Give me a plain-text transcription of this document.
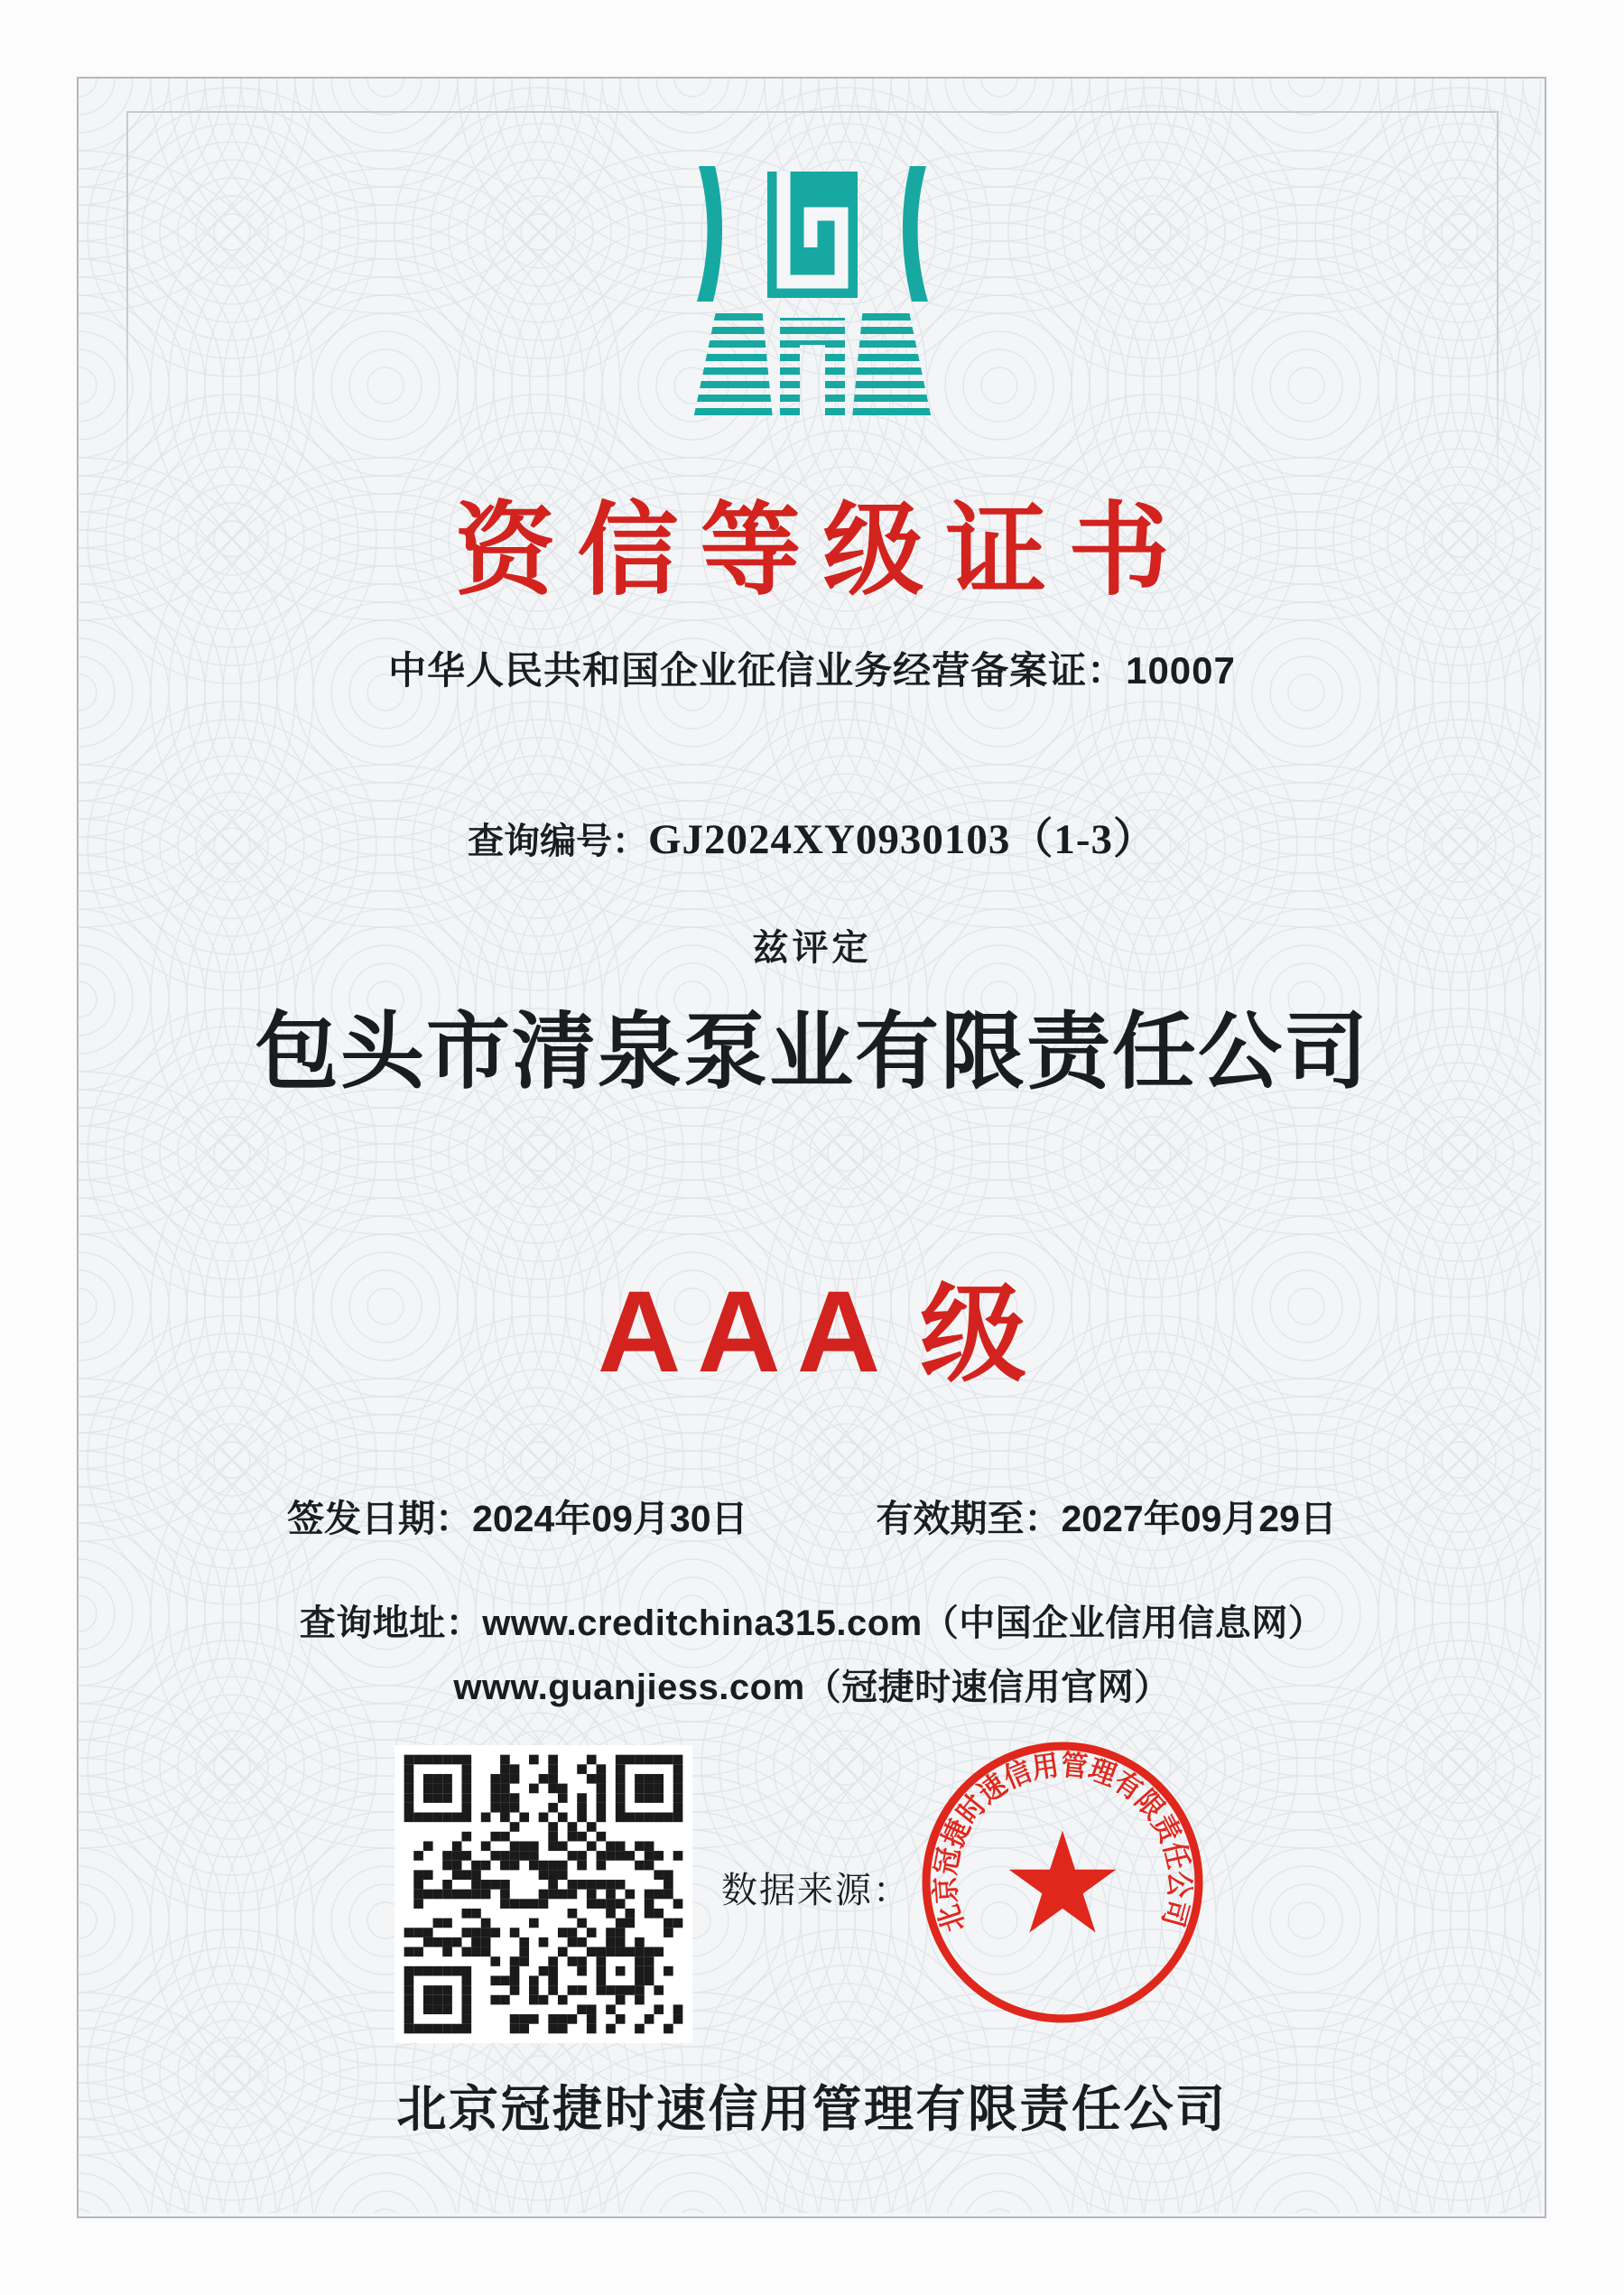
资信等级证书
中华人民共和国企业征信业务经营备案证：10007
查询编号：GJ2024XY0930103（1-3）
兹评定
包头市清泉泵业有限责任公司
AAA 级
签发日期：2024年09月30日	有效期至：2027年09月29日
查询地址：www.creditchina315.com（中国企业信用信息网）
www.guanjiess.com（冠捷时速信用官网）
数据来源：
北京冠捷时速信用管理有限责任公司
北京冠捷时速信用管理有限责任公司
